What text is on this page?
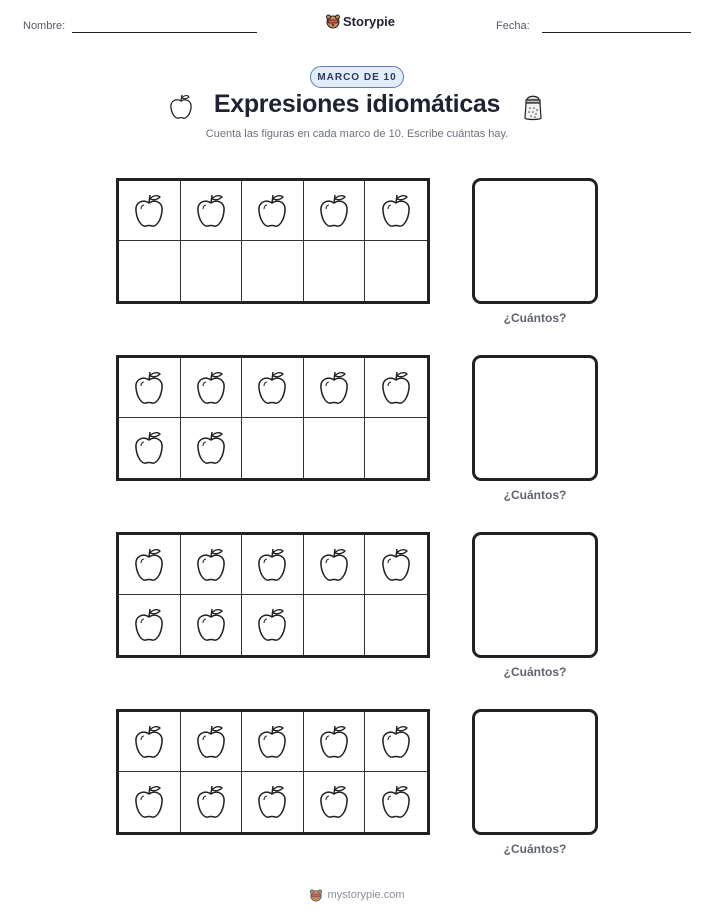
Nombre:	Storypie	Fecha:
MARCO DE 10
Expresiones idiomáticas
Cuenta las figuras en cada marco de 10. Escribe cuántas hay.
¿Cuántos?
¿Cuántos?
¿Cuántos?
¿Cuántos?
mystorypie.com
